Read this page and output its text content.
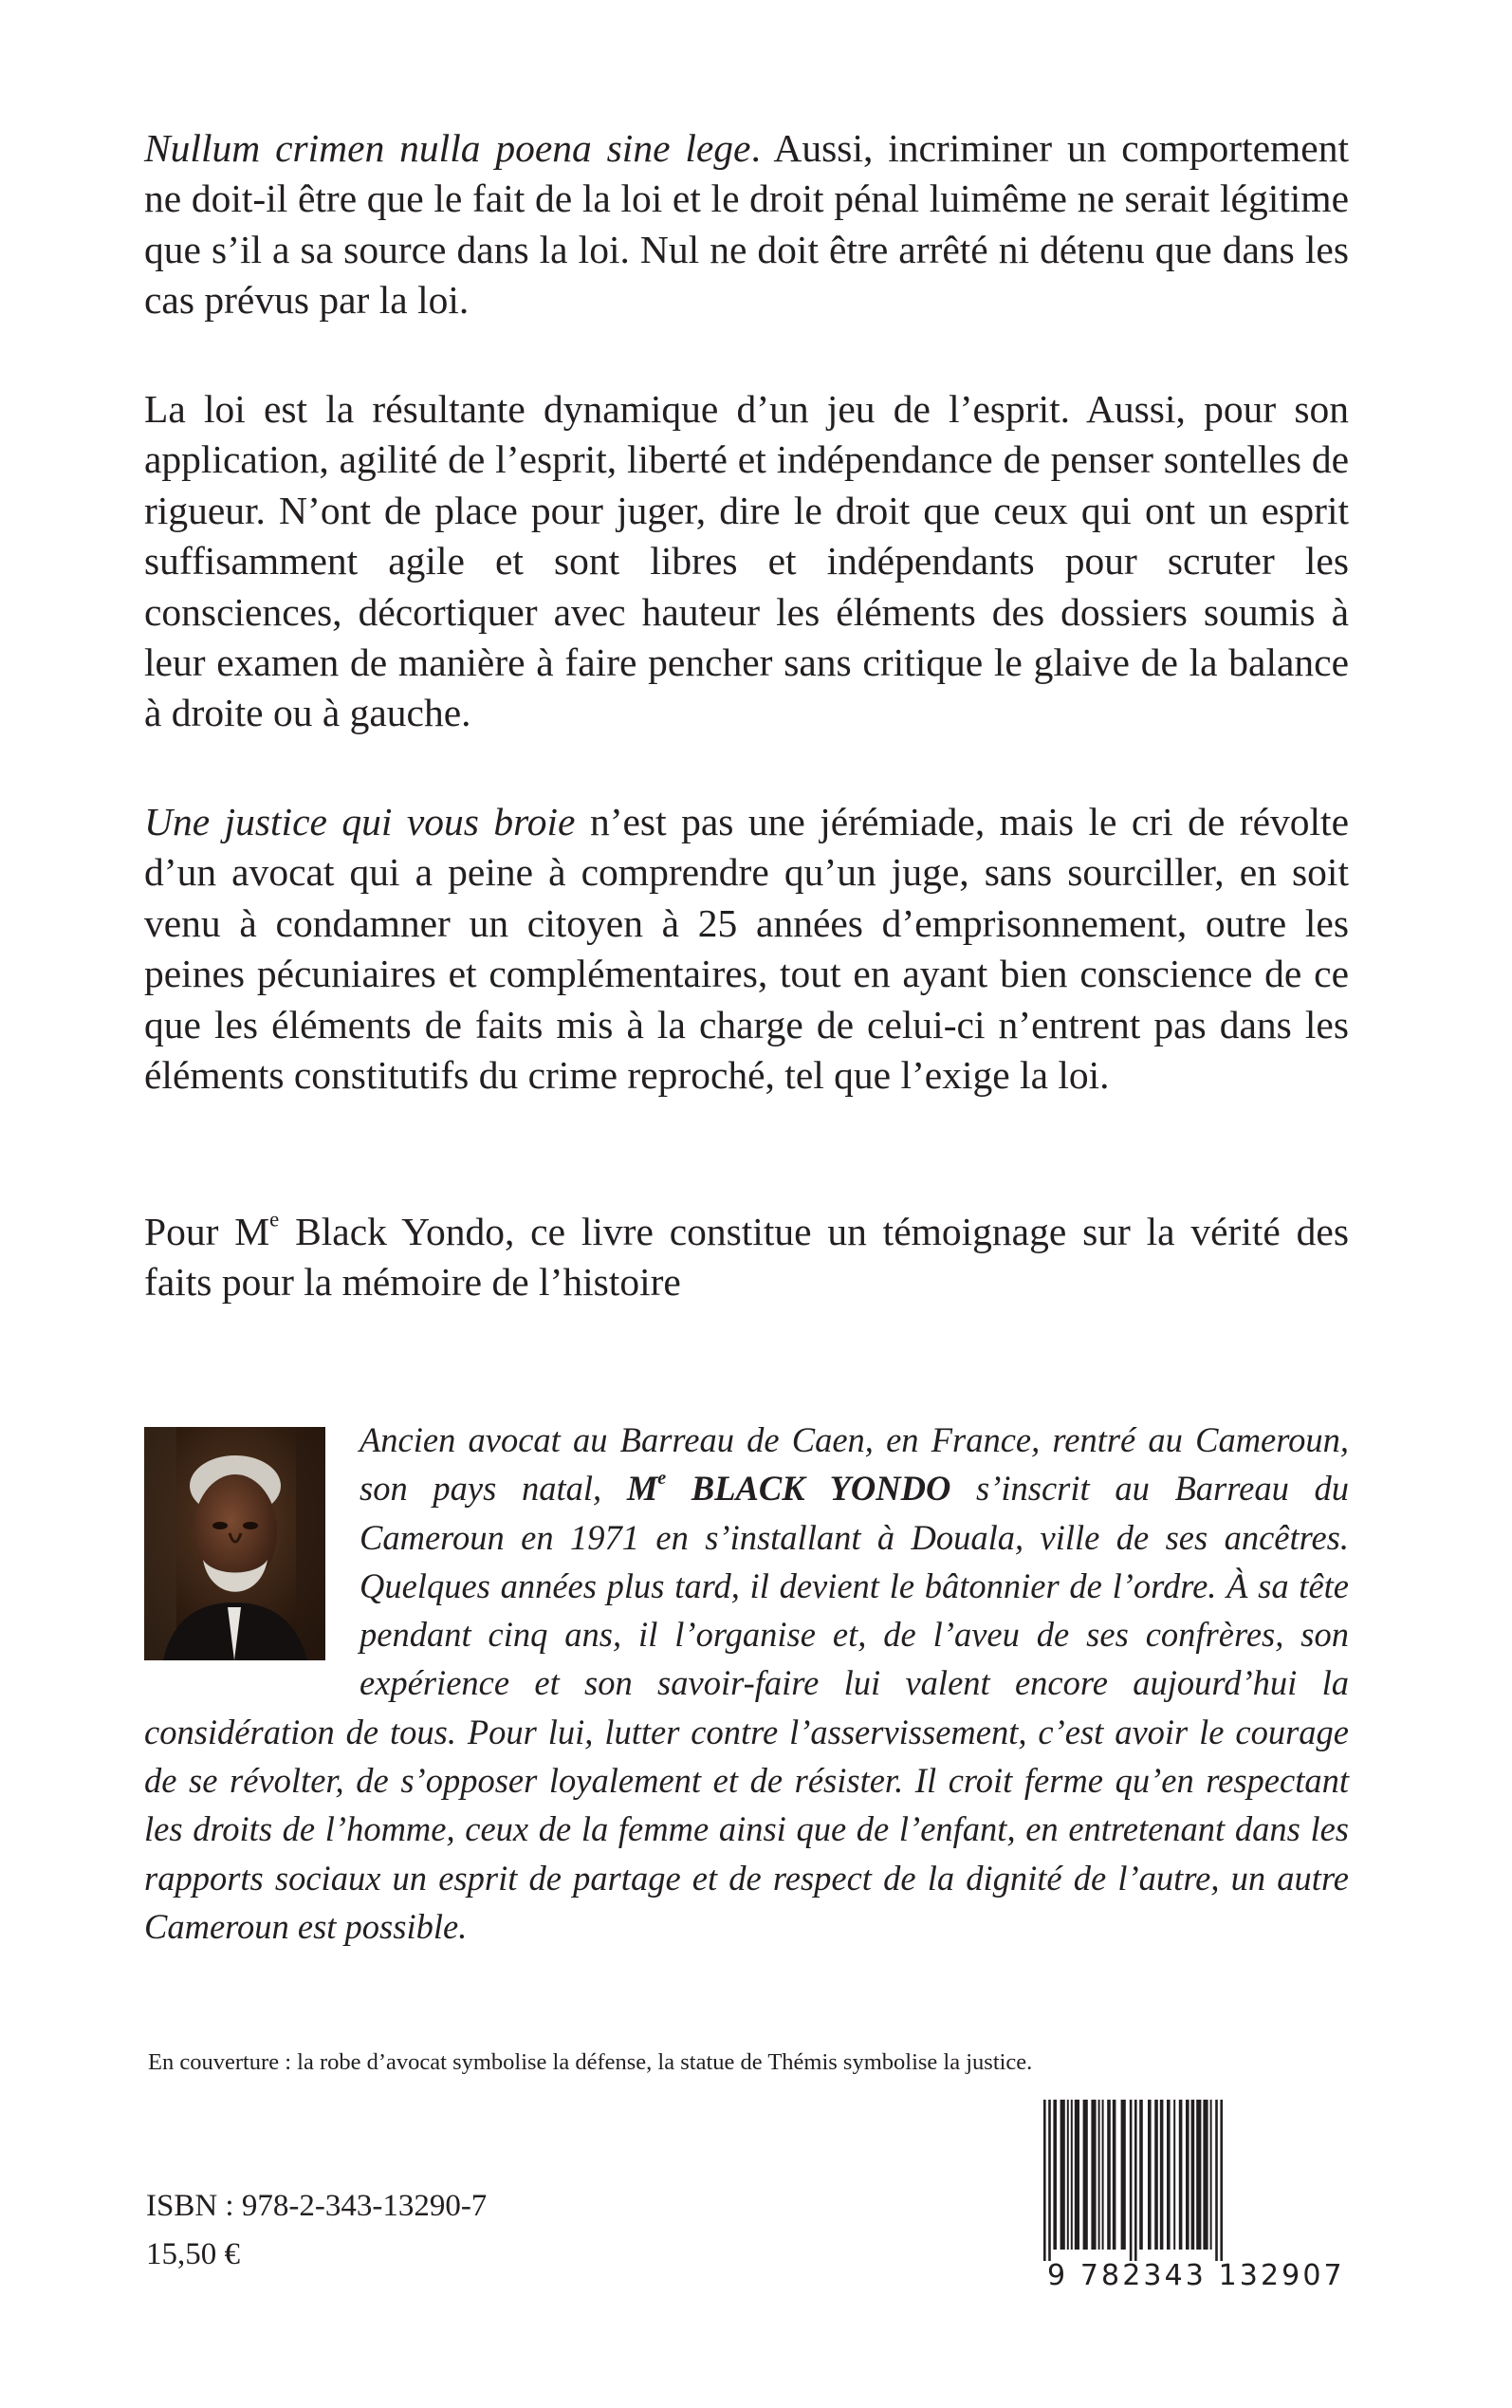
Nullum crimen nulla poena sine lege. Aussi, incriminer un comportement ne doit-il être que le fait de la loi et le droit pénal luimême ne serait légitime que s’il a sa source dans la loi. Nul ne doit être arrêté ni détenu que dans les cas prévus par la loi.

La loi est la résultante dynamique d’un jeu de l’esprit. Aussi, pour son application, agilité de l’esprit, liberté et indépendance de penser sontelles de rigueur. N’ont de place pour juger, dire le droit que ceux qui ont un esprit suffisamment agile et sont libres et indépendants pour scruter les consciences, décortiquer avec hauteur les éléments des dossiers soumis à leur examen de manière à faire pencher sans critique le glaive de la balance à droite ou à gauche.

Une justice qui vous broie n’est pas une jérémiade, mais le cri de révolte d’un avocat qui a peine à comprendre qu’un juge, sans sourciller, en soit venu à condamner un citoyen à 25 années d’emprisonnement, outre les peines pécuniaires et complémentaires, tout en ayant bien conscience de ce que les éléments de faits mis à la charge de celui-ci n’entrent pas dans les éléments constitutifs du crime reproché, tel que l’exige la loi.

Pour Me Black Yondo, ce livre constitue un témoignage sur la vérité des faits pour la mémoire de l’histoire

Ancien avocat au Barreau de Caen, en France, rentré au Cameroun, son pays natal, Me BLACK YONDO s’inscrit au Barreau du Cameroun en 1971 en s’installant à Douala, ville de ses ancêtres. Quelques années plus tard, il devient le bâtonnier de l’ordre. À sa tête pendant cinq ans, il l’organise et, de l’aveu de ses confrères, son expérience et son savoir-faire lui valent encore aujourd’hui la considération de tous. Pour lui, lutter contre l’asservissement, c’est avoir le courage de se révolter, de s’opposer loyalement et de résister. Il croit ferme qu’en respectant les droits de l’homme, ceux de la femme ainsi que de l’enfant, en entretenant dans les rapports sociaux un esprit de partage et de respect de la dignité de l’autre, un autre Cameroun est possible.

En couverture : la robe d’avocat symbolise la défense, la statue de Thémis symbolise la justice.

ISBN : 978-2-343-13290-7

15,50 €

9 782343 132907
